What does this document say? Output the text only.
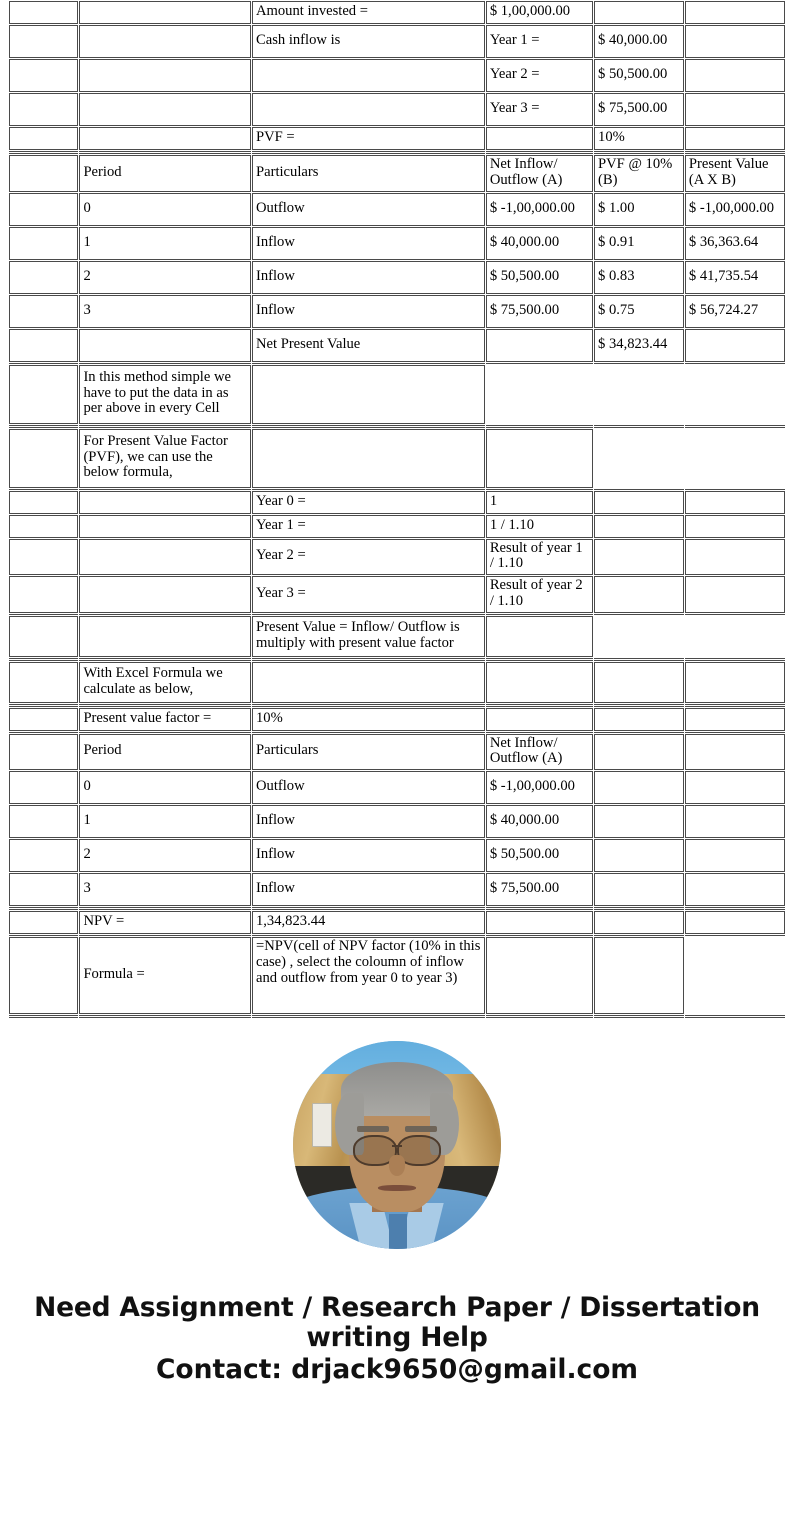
		Amount invested =	$ 1,00,000.00		
		Cash inflow is	Year 1 =	$ 40,000.00	
			Year 2 =	$ 50,500.00	
			Year 3 =	$ 75,500.00	
		PVF =		10%	

	Period	Particulars	Net Inflow/ Outflow (A)	PVF @ 10% (B)	Present Value (A X B)
	0	Outflow	$ -1,00,000.00	$ 1.00	$ -1,00,000.00
	1	Inflow	$ 40,000.00	$ 0.91	$ 36,363.64
	2	Inflow	$ 50,500.00	$ 0.83	$ 41,735.54
	3	Inflow	$ 75,500.00	$ 0.75	$ 56,724.27
		Net Present Value		$ 34,823.44	

	In this method simple we have to put the data in as per above in every Cell				

	For Present Value Factor (PVF), we can use the below formula,				

		Year 0 =	1		
		Year 1 =	1 / 1.10		
		Year 2 =	Result of year 1 / 1.10		
		Year 3 =	Result of year 2 / 1.10		

		Present Value = Inflow/ Outflow is multiply with present value factor			

	With Excel Formula we calculate as below,				

	Present value factor =	10%			

	Period	Particulars	Net Inflow/ Outflow (A)		
	0	Outflow	$ -1,00,000.00		
	1	Inflow	$ 40,000.00		
	2	Inflow	$ 50,500.00		
	3	Inflow	$ 75,500.00		

	NPV =	1,34,823.44			

	Formula =	=NPV(cell of NPV factor (10% in this case) , select the coloumn of inflow and outflow from year 0 to year 3)			

Need Assignment / Research Paper / Dissertation writing Help
Contact: drjack9650@gmail.com
